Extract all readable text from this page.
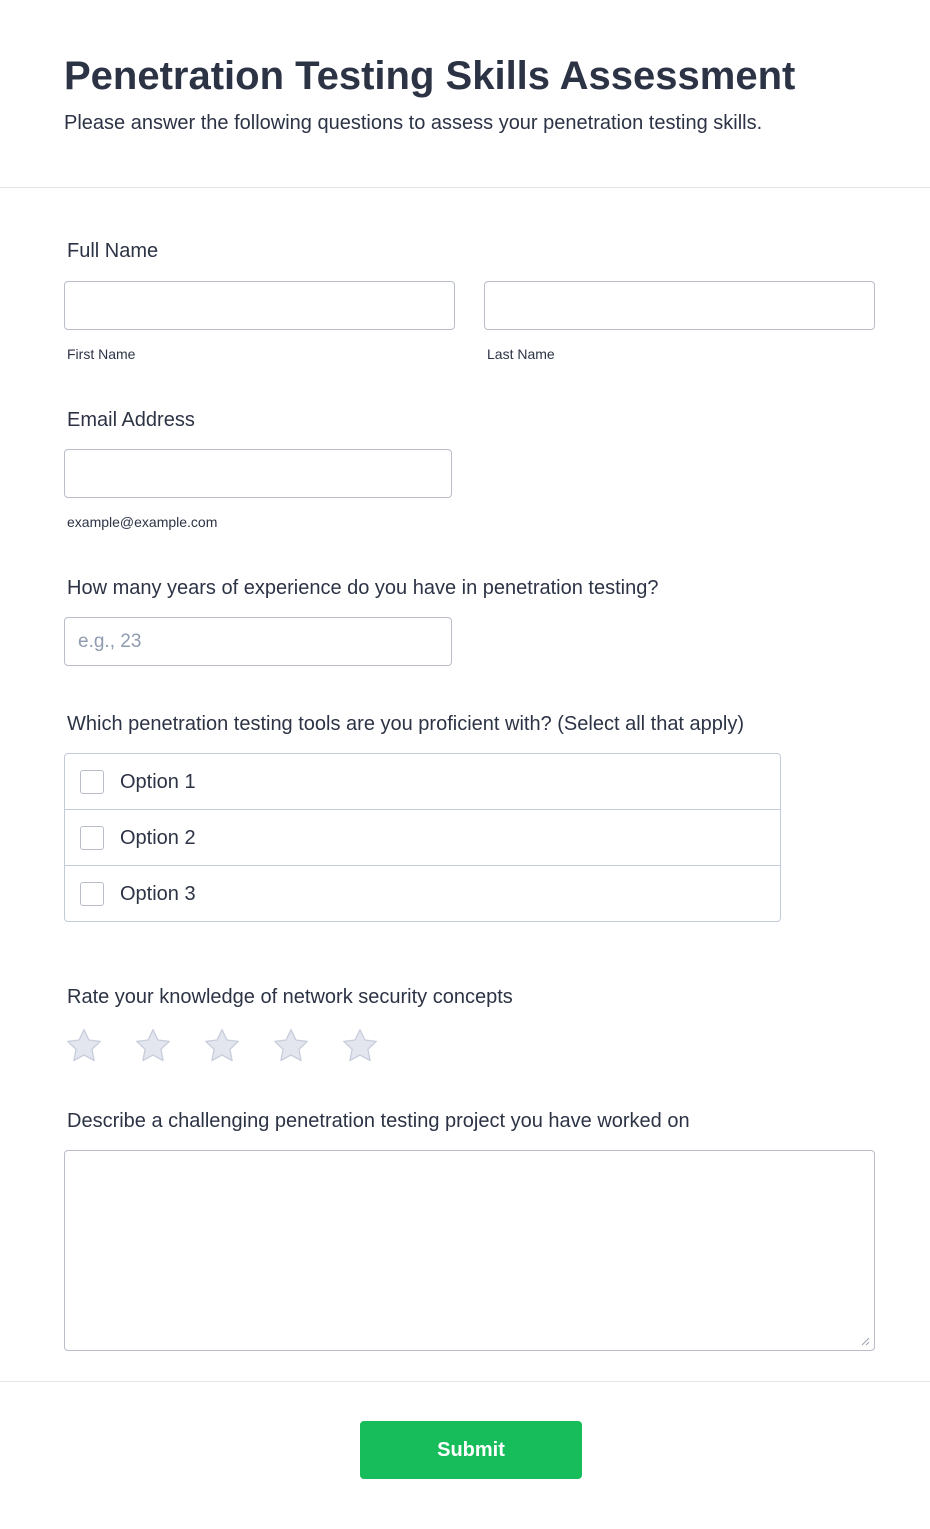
Penetration Testing Skills Assessment

Please answer the following questions to assess your penetration testing skills.

Full Name
First Name	Last Name
Email Address
example@example.com
How many years of experience do you have in penetration testing?
e.g., 23
Which penetration testing tools are you proficient with? (Select all that apply)
Option 1
Option 2
Option 3
Rate your knowledge of network security concepts
Describe a challenging penetration testing project you have worked on
Submit
